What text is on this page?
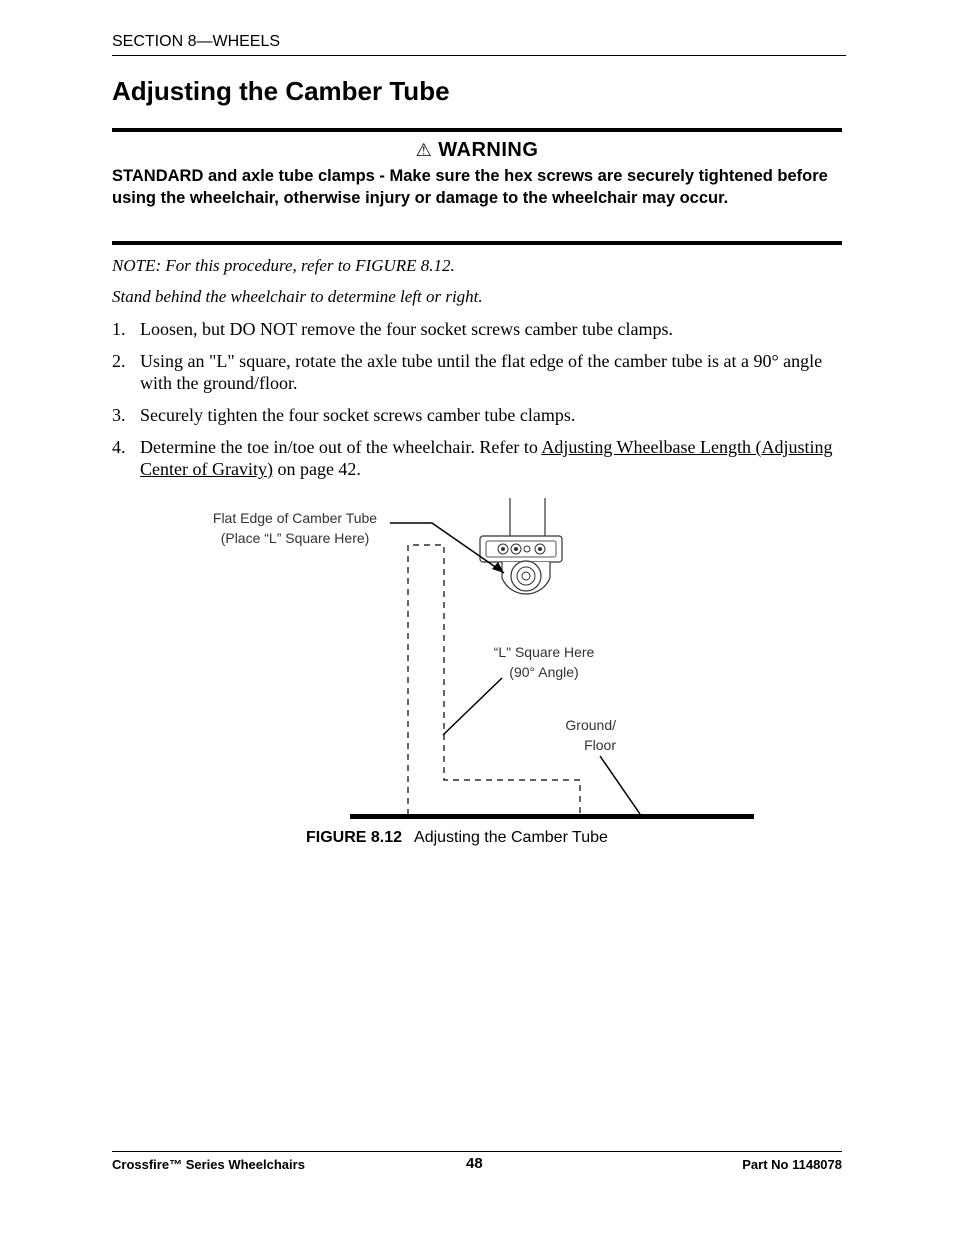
SECTION 8—WHEELS
Adjusting the Camber Tube
⚠ WARNING
STANDARD and axle tube clamps - Make sure the hex screws are securely tightened before using the wheelchair, otherwise injury or damage to the wheelchair may occur.
NOTE: For this procedure, refer to FIGURE 8.12.
Stand behind the wheelchair to determine left or right.
1. Loosen, but DO NOT remove the four socket screws camber tube clamps.
2. Using an "L" square, rotate the axle tube until the flat edge of the camber tube is at a 90° angle with the ground/floor.
3. Securely tighten the four socket screws camber tube clamps.
4. Determine the toe in/toe out of the wheelchair. Refer to Adjusting Wheelbase Length (Adjusting Center of Gravity) on page 42.
Flat Edge of Camber Tube
(Place “L” Square Here)
“L" Square Here
(90° Angle)
Ground/
Floor
FIGURE 8.12 Adjusting the Camber Tube
Crossfire™ Series Wheelchairs	48	Part No 1148078
